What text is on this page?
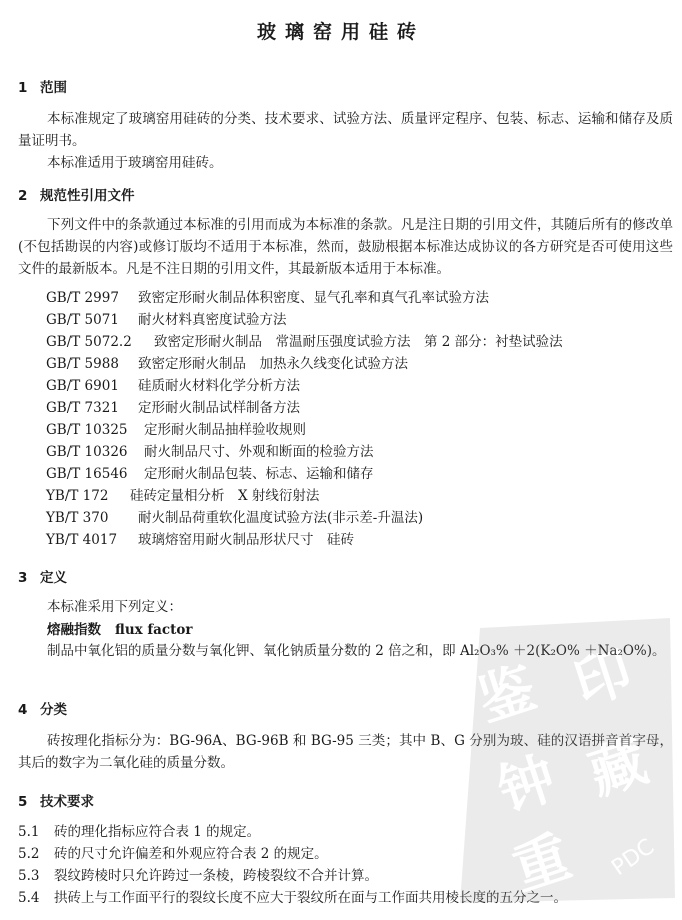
玻璃窑用硅砖
1 范围
本标准规定了玻璃窑用硅砖的分类、技术要求、试验方法、质量评定程序、包装、标志、运输和储存及质量证明书。
本标准适用于玻璃窑用硅砖。
2 规范性引用文件
下列文件中的条款通过本标准的引用而成为本标准的条款。凡是注日期的引用文件，其随后所有的修改单(不包括勘误的内容)或修订版均不适用于本标准，然而，鼓励根据本标准达成协议的各方研究是否可使用这些文件的最新版本。凡是不注日期的引用文件，其最新版本适用于本标准。
GB/T 2997 致密定形耐火制品体积密度、显气孔率和真气孔率试验方法
GB/T 5071 耐火材料真密度试验方法
GB/T 5072.2 致密定形耐火制品　常温耐压强度试验方法　第 2 部分：衬垫试验法
GB/T 5988 致密定形耐火制品　加热永久线变化试验方法
GB/T 6901 硅质耐火材料化学分析方法
GB/T 7321 定形耐火制品试样制备方法
GB/T 10325 定形耐火制品抽样验收规则
GB/T 10326 耐火制品尺寸、外观和断面的检验方法
GB/T 16546 定形耐火制品包装、标志、运输和储存
YB/T 172 硅砖定量相分析　X 射线衍射法
YB/T 370 耐火制品荷重软化温度试验方法(非示差-升温法)
YB/T 4017 玻璃熔窑用耐火制品形状尺寸　硅砖
3 定义
本标准采用下列定义：
熔融指数 flux factor
制品中氧化铝的质量分数与氧化钾、氧化钠质量分数的 2 倍之和，即 Al₂O₃% ＋2(K₂O% ＋Na₂O%)。
4 分类
砖按理化指标分为：BG-96A、BG-96B 和 BG-95 三类；其中 B、G 分别为玻、硅的汉语拼音首字母，其后的数字为二氧化硅的质量分数。
5 技术要求
5.1 砖的理化指标应符合表 1 的规定。
5.2 砖的尺寸允许偏差和外观应符合表 2 的规定。
5.3 裂纹跨棱时只允许跨过一条棱，跨棱裂纹不合并计算。
5.4 拱砖上与工作面平行的裂纹长度不应大于裂纹所在面与工作面共用棱长度的五分之一。
鉴 印
钟 藏
重 PDC
